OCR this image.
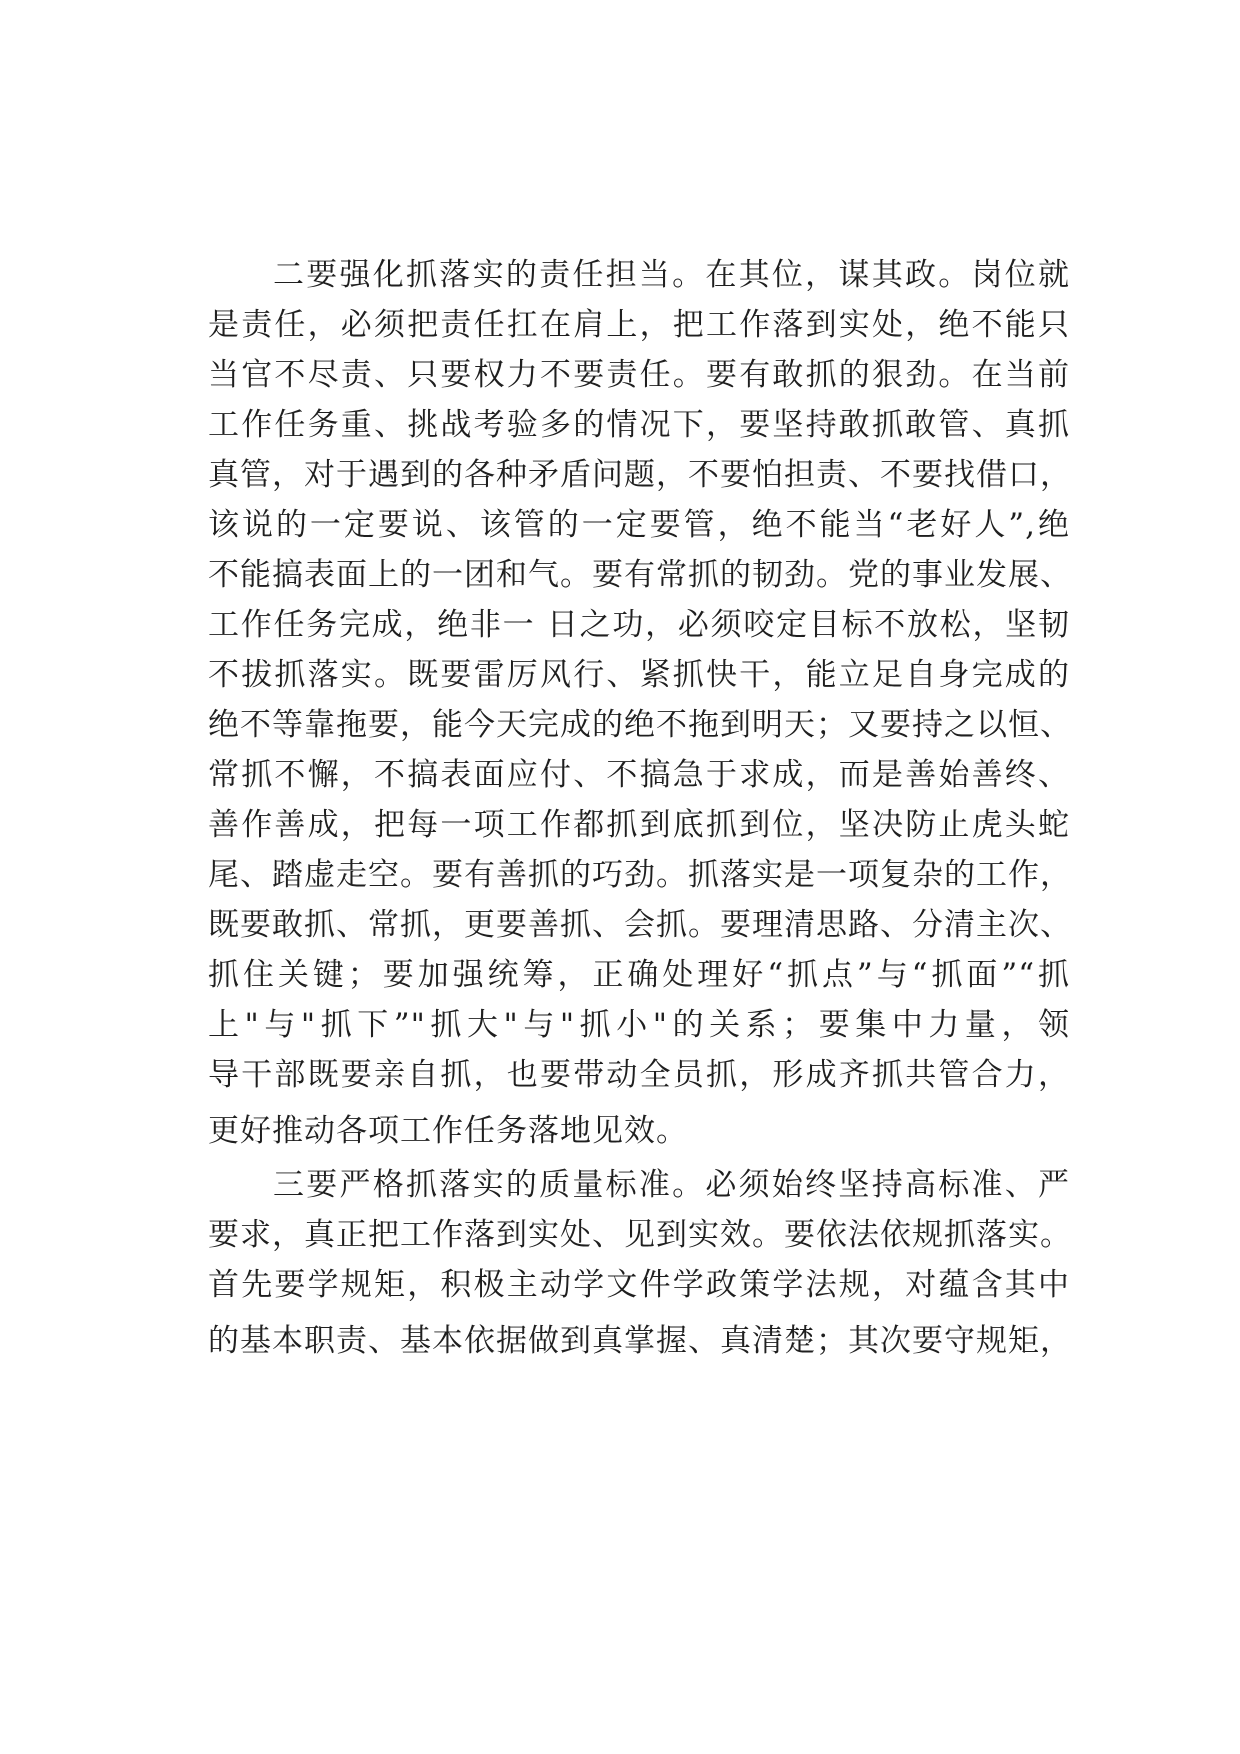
二要强化抓落实的责任担当。在其位，谋其政。岗位就
是责任，必须把责任扛在肩上，把工作落到实处，绝不能只
当官不尽责、只要权力不要责任。要有敢抓的狠劲。在当前
工作任务重、挑战考验多的情况下，要坚持敢抓敢管、真抓
真管，对于遇到的各种矛盾问题，不要怕担责、不要找借口，
该说的一定要说、该管的一定要管，绝不能当“老好人”,绝
不能搞表面上的一团和气。要有常抓的韧劲。党的事业发展、
工作任务完成，绝非一 日之功，必须咬定目标不放松，坚韧
不拔抓落实。既要雷厉风行、紧抓快干，能立足自身完成的
绝不等靠拖要，能今天完成的绝不拖到明天；又要持之以恒、
常抓不懈，不搞表面应付、不搞急于求成，而是善始善终、
善作善成，把每一项工作都抓到底抓到位，坚决防止虎头蛇
尾、踏虚走空。要有善抓的巧劲。抓落实是一项复杂的工作，
既要敢抓、常抓，更要善抓、会抓。要理清思路、分清主次、
抓住关键；要加强统筹，正确处理好“抓点”与“抓面”“抓
上"与"抓下”"抓大"与"抓小"的关系；要集中力量，领
导干部既要亲自抓，也要带动全员抓，形成齐抓共管合力，
更好推动各项工作任务落地见效。
三要严格抓落实的质量标准。必须始终坚持高标准、严
要求，真正把工作落到实处、见到实效。要依法依规抓落实。
首先要学规矩，积极主动学文件学政策学法规，对蕴含其中
的基本职责、基本依据做到真掌握、真清楚；其次要守规矩，
